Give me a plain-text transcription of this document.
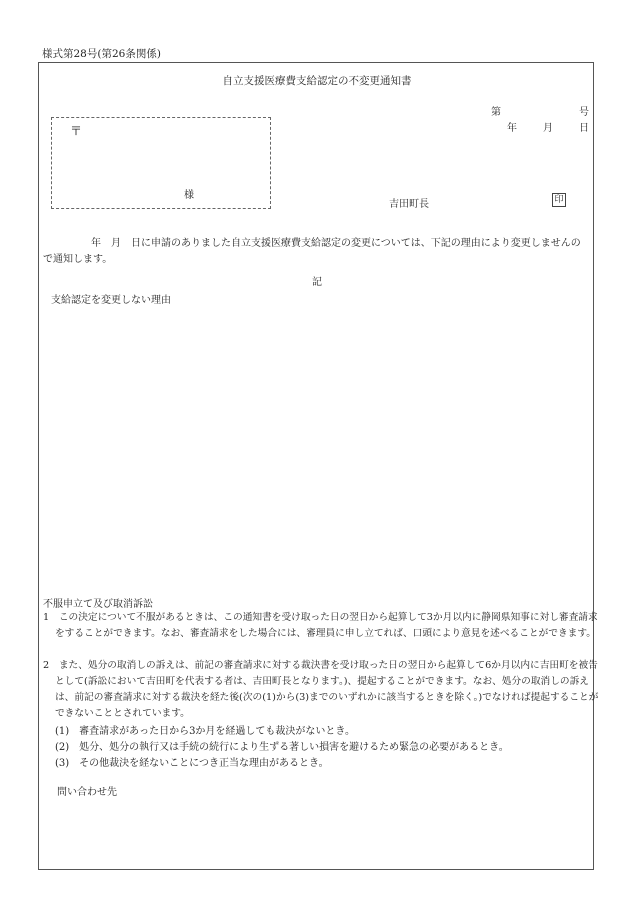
様式第28号(第26条関係)
自立支援医療費支給認定の不変更通知書
第	号
年	月	日
〒
様
吉田町長	印
年　月　日に申請のありました自立支援医療費支給認定の変更については、下記の理由により変更しませんので通知します。
記
支給認定を変更しない理由
不服申立て及び取消訴訟
1　この決定について不服があるときは、この通知書を受け取った日の翌日から起算して3か月以内に静岡県知事に対し審査請求をすることができます。なお、審査請求をした場合には、審理員に申し立てれば、口頭により意見を述べることができます。
2　また、処分の取消しの訴えは、前記の審査請求に対する裁決書を受け取った日の翌日から起算して6か月以内に吉田町を被告として(訴訟において吉田町を代表する者は、吉田町長となります。)、提起することができます。なお、処分の取消しの訴えは、前記の審査請求に対する裁決を経た後(次の(1)から(3)までのいずれかに該当するときを除く。)でなければ提起することができないこととされています。
(1)　審査請求があった日から3か月を経過しても裁決がないとき。
(2)　処分、処分の執行又は手続の続行により生ずる著しい損害を避けるため緊急の必要があるとき。
(3)　その他裁決を経ないことにつき正当な理由があるとき。
問い合わせ先
